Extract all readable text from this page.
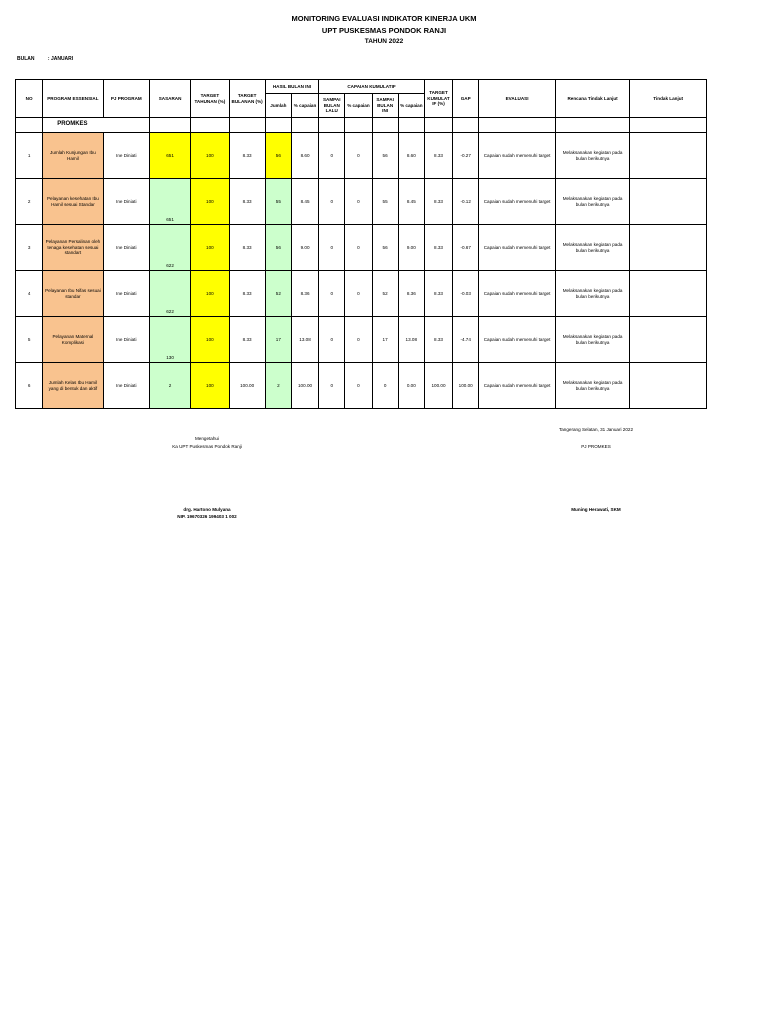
MONITORING EVALUASI INDIKATOR KINERJA UKM
UPT PUSKESMAS PONDOK RANJI
TAHUN 2022
BULAN	: JANUARI
NO	PROGRAM ESSENSIAL	PJ PROGRAM	SASARAN	TARGET TAHUNAN (%)	TARGET BULANAN (%)	HASIL BULAN INI		CAPAIAN KUMULATIF				TARGET KUMULAT IF (%)	GAP	EVALUASI	Rencana Tindak Lanjut	Tindak Lanjut
						Jumlah	% capaian	SAMPAI BULAN LALU	% capaian	SAMPAI BULAN INI	% capaian					

	PROMKES															
1	Jumlah Kunjungan Ibu Hamil	Ine Diniati	651	100	8.33	56	8.60	0	0	56	8.60	8.33	-0.27	Capaian sudah memenuhi target	Melaksanakan kegiatan pada bulan berikutnya	
2	Pelayanan kesehatan Ibu Hamil sesuai Standar	Ine Diniati	651	100	8.33	55	8.45	0	0	55	8.45	8.33	-0.12	Capaian sudah memenuhi target	Melaksanakan kegiatan pada bulan berikutnya	
3	Pelayanan Persalinan oleh tenaga kesehatan sesuai standart	Ine Diniati	622	100	8.33	56	9.00	0	0	56	9.00	8.33	-0.67	Capaian sudah memenuhi target	Melaksanakan kegiatan pada bulan berikutnya	
4	Pelayanan Ibu Nifas sesuai standar	Ine Diniati	622	100	8.33	52	8.36	0	0	52	8.36	8.33	-0.03	Capaian sudah memenuhi target	Melaksanakan kegiatan pada bulan berikutnya	
5	Pelayanan Maternal Komplikasi	Ine Diniati	130	100	8.33	17	13.08	0	0	17	13.08	8.33	-4.74	Capaian sudah memenuhi target	Melaksanakan kegiatan pada bulan berikutnya	
6	Jumlah Kelas Ibu Hamil yang di bentuk dan aktif	Ine Diniati	2	100	100.00	2	100.00	0	0	0	0.00	100.00	100.00	Capaian sudah memenuhi target	Melaksanakan kegiatan pada bulan berikutnya	
Tangerang Selatan, 31 Januari 2022
Mengetahui
Ka UPT Puskesmas Pondok Ranji	PJ PROMKES
drg. Hartono Mulyana
NIP. 19670326 199403 1 002
Muning Herawati, SKM
